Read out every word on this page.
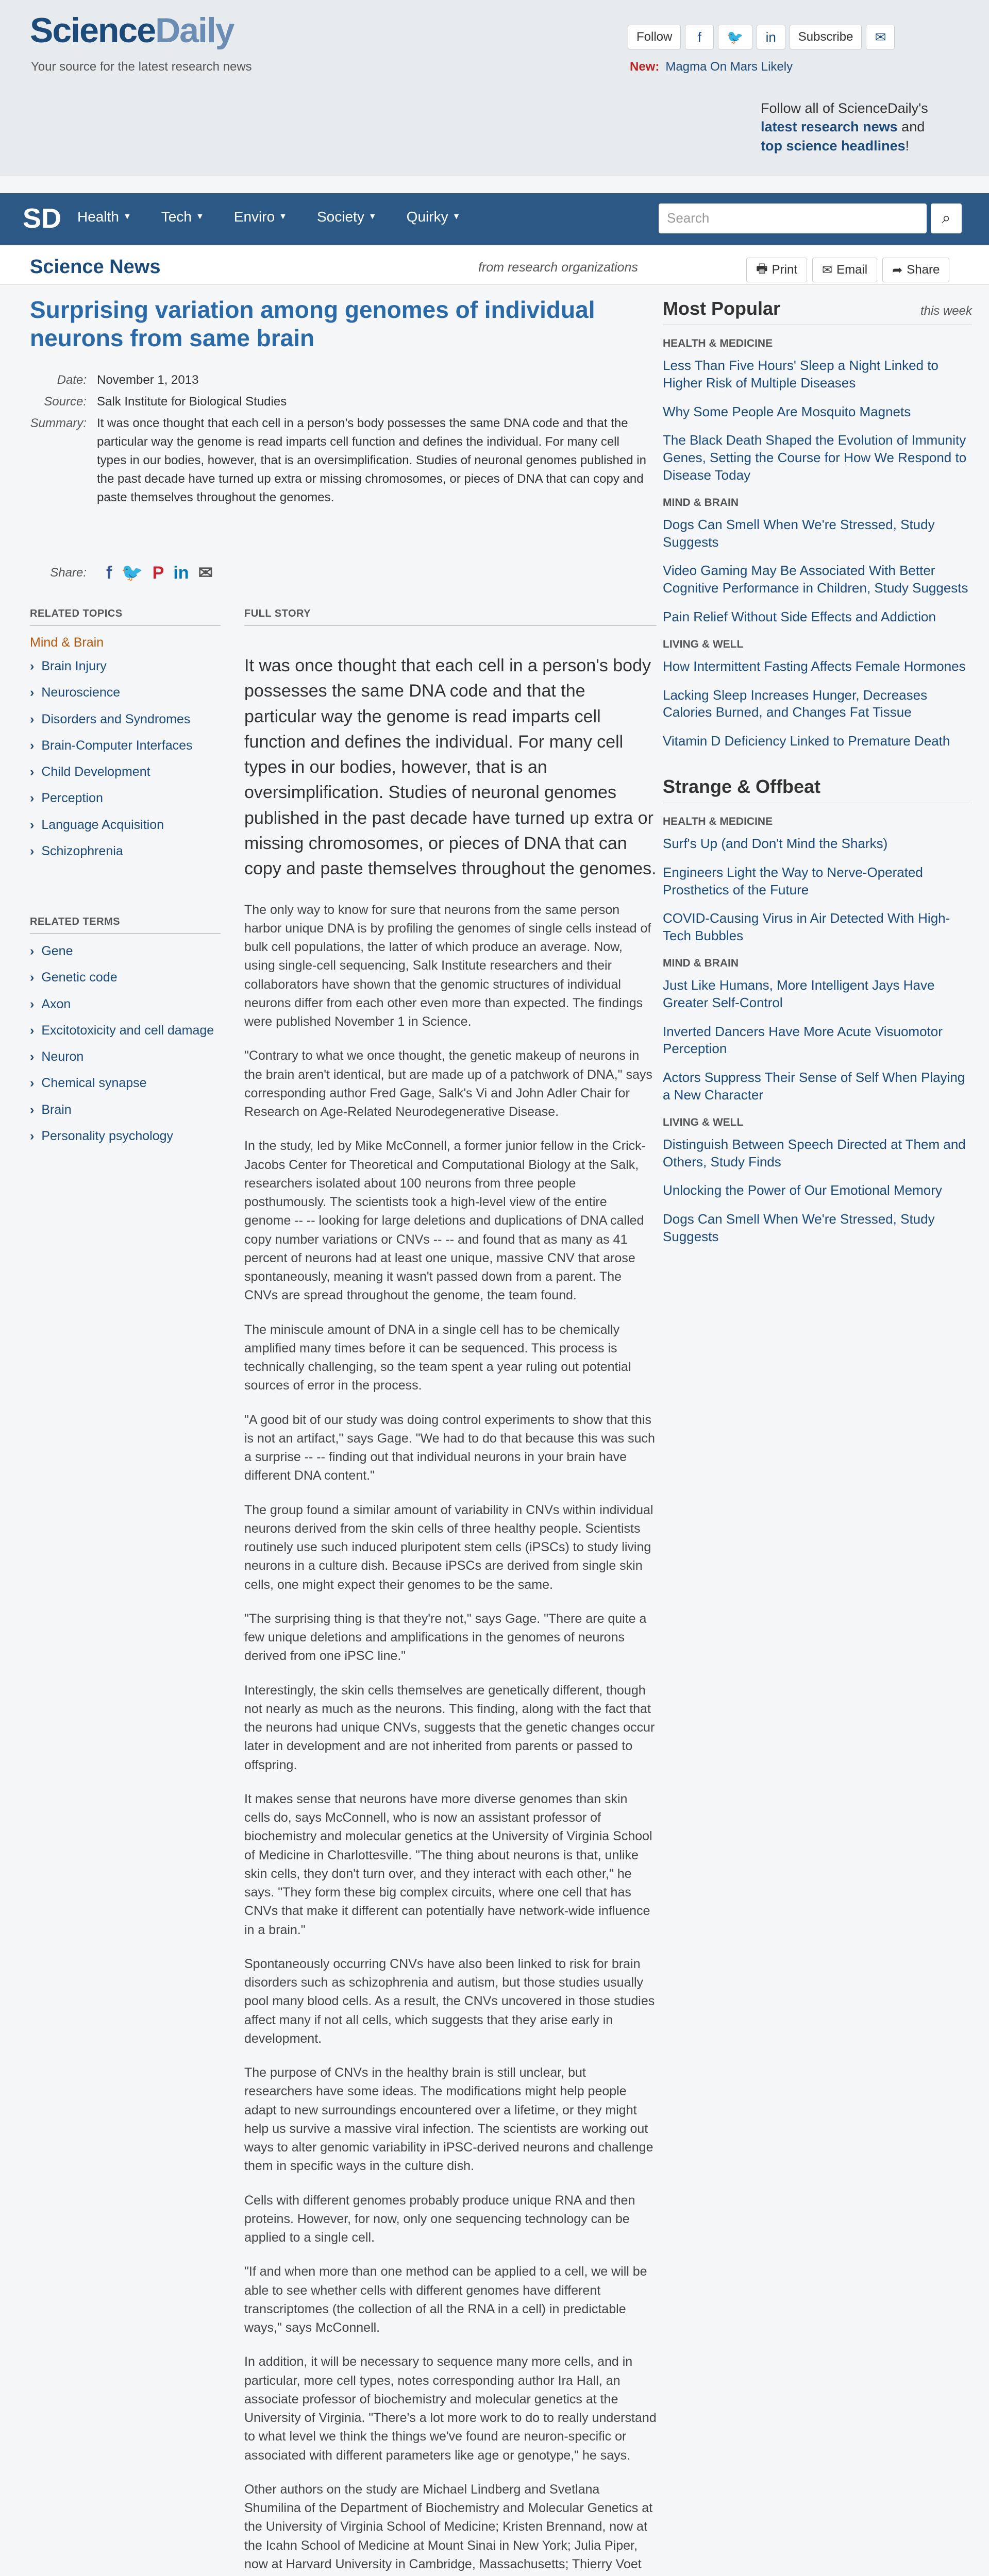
ScienceDaily
Your source for the latest research news
Follow	f	🐦	in	Subscribe	✉
New: Magma On Mars Likely
Follow all of ScienceDaily's
latest research news and
top science headlines!
SD Health ▼ Tech ▼ Enviro ▼ Society ▼ Quirky ▼	Search	⌕
Science News	from research organizations	🖶 Print ✉ Email ➦ Share
Surprising variation among genomes of individual neurons from same brain
Date: November 1, 2013
Source: Salk Institute for Biological Studies
Summary: It was once thought that each cell in a person's body possesses the same DNA code and that the particular way the genome is read imparts cell function and defines the individual. For many cell types in our bodies, however, that is an oversimplification. Studies of neuronal genomes published in the past decade have turned up extra or missing chromosomes, or pieces of DNA that can copy and paste themselves throughout the genomes.
Share:	f 🐦 P in ✉
RELATED TOPICS
Mind & Brain
› Brain Injury
› Neuroscience
› Disorders and Syndromes
› Brain-Computer Interfaces
› Child Development
› Perception
› Language Acquisition
› Schizophrenia
RELATED TERMS
› Gene
› Genetic code
› Axon
› Excitotoxicity and cell damage
› Neuron
› Chemical synapse
› Brain
› Personality psychology
FULL STORY

It was once thought that each cell in a person's body possesses the same DNA code and that the particular way the genome is read imparts cell function and defines the individual. For many cell types in our bodies, however, that is an oversimplification. Studies of neuronal genomes published in the past decade have turned up extra or missing chromosomes, or pieces of DNA that can copy and paste themselves throughout the genomes.

The only way to know for sure that neurons from the same person harbor unique DNA is by profiling the genomes of single cells instead of bulk cell populations, the latter of which produce an average. Now, using single-cell sequencing, Salk Institute researchers and their collaborators have shown that the genomic structures of individual neurons differ from each other even more than expected. The findings were published November 1 in Science.

"Contrary to what we once thought, the genetic makeup of neurons in the brain aren't identical, but are made up of a patchwork of DNA," says corresponding author Fred Gage, Salk's Vi and John Adler Chair for Research on Age-Related Neurodegenerative Disease.

In the study, led by Mike McConnell, a former junior fellow in the Crick-Jacobs Center for Theoretical and Computational Biology at the Salk, researchers isolated about 100 neurons from three people posthumously. The scientists took a high-level view of the entire genome -- -- looking for large deletions and duplications of DNA called copy number variations or CNVs -- -- and found that as many as 41 percent of neurons had at least one unique, massive CNV that arose spontaneously, meaning it wasn't passed down from a parent. The CNVs are spread throughout the genome, the team found.

The miniscule amount of DNA in a single cell has to be chemically amplified many times before it can be sequenced. This process is technically challenging, so the team spent a year ruling out potential sources of error in the process.

"A good bit of our study was doing control experiments to show that this is not an artifact," says Gage. "We had to do that because this was such a surprise -- -- finding out that individual neurons in your brain have different DNA content."

The group found a similar amount of variability in CNVs within individual neurons derived from the skin cells of three healthy people. Scientists routinely use such induced pluripotent stem cells (iPSCs) to study living neurons in a culture dish. Because iPSCs are derived from single skin cells, one might expect their genomes to be the same.

"The surprising thing is that they're not," says Gage. "There are quite a few unique deletions and amplifications in the genomes of neurons derived from one iPSC line."

Interestingly, the skin cells themselves are genetically different, though not nearly as much as the neurons. This finding, along with the fact that the neurons had unique CNVs, suggests that the genetic changes occur later in development and are not inherited from parents or passed to offspring.

It makes sense that neurons have more diverse genomes than skin cells do, says McConnell, who is now an assistant professor of biochemistry and molecular genetics at the University of Virginia School of Medicine in Charlottesville. "The thing about neurons is that, unlike skin cells, they don't turn over, and they interact with each other," he says. "They form these big complex circuits, where one cell that has CNVs that make it different can potentially have network-wide influence in a brain."

Spontaneously occurring CNVs have also been linked to risk for brain disorders such as schizophrenia and autism, but those studies usually pool many blood cells. As a result, the CNVs uncovered in those studies affect many if not all cells, which suggests that they arise early in development.

The purpose of CNVs in the healthy brain is still unclear, but researchers have some ideas. The modifications might help people adapt to new surroundings encountered over a lifetime, or they might help us survive a massive viral infection. The scientists are working out ways to alter genomic variability in iPSC-derived neurons and challenge them in specific ways in the culture dish.

Cells with different genomes probably produce unique RNA and then proteins. However, for now, only one sequencing technology can be applied to a single cell.

"If and when more than one method can be applied to a cell, we will be able to see whether cells with different genomes have different transcriptomes (the collection of all the RNA in a cell) in predictable ways," says McConnell.

In addition, it will be necessary to sequence many more cells, and in particular, more cell types, notes corresponding author Ira Hall, an associate professor of biochemistry and molecular genetics at the University of Virginia. "There's a lot more work to do to really understand to what level we think the things we've found are neuron-specific or associated with different parameters like age or genotype," he says.

Other authors on the study are Michael Lindberg and Svetlana Shumilina of the Department of Biochemistry and Molecular Genetics at the University of Virginia School of Medicine; Kristen Brennand, now at the Icahn School of Medicine at Mount Sinai in New York; Julia Piper, now at Harvard University in Cambridge, Massachusetts; Thierry Voet

Most Popular	this week
HEALTH & MEDICINE
Less Than Five Hours' Sleep a Night Linked to Higher Risk of Multiple Diseases
Why Some People Are Mosquito Magnets
The Black Death Shaped the Evolution of Immunity Genes, Setting the Course for How We Respond to Disease Today
MIND & BRAIN
Dogs Can Smell When We're Stressed, Study Suggests
Video Gaming May Be Associated With Better Cognitive Performance in Children, Study Suggests
Pain Relief Without Side Effects and Addiction
LIVING & WELL
How Intermittent Fasting Affects Female Hormones
Lacking Sleep Increases Hunger, Decreases Calories Burned, and Changes Fat Tissue
Vitamin D Deficiency Linked to Premature Death
Strange & Offbeat
HEALTH & MEDICINE
Surf's Up (and Don't Mind the Sharks)
Engineers Light the Way to Nerve-Operated Prosthetics of the Future
COVID-Causing Virus in Air Detected With High-Tech Bubbles
MIND & BRAIN
Just Like Humans, More Intelligent Jays Have Greater Self-Control
Inverted Dancers Have More Acute Visuomotor Perception
Actors Suppress Their Sense of Self When Playing a New Character
LIVING & WELL
Distinguish Between Speech Directed at Them and Others, Study Finds
Unlocking the Power of Our Emotional Memory
Dogs Can Smell When We're Stressed, Study Suggests
